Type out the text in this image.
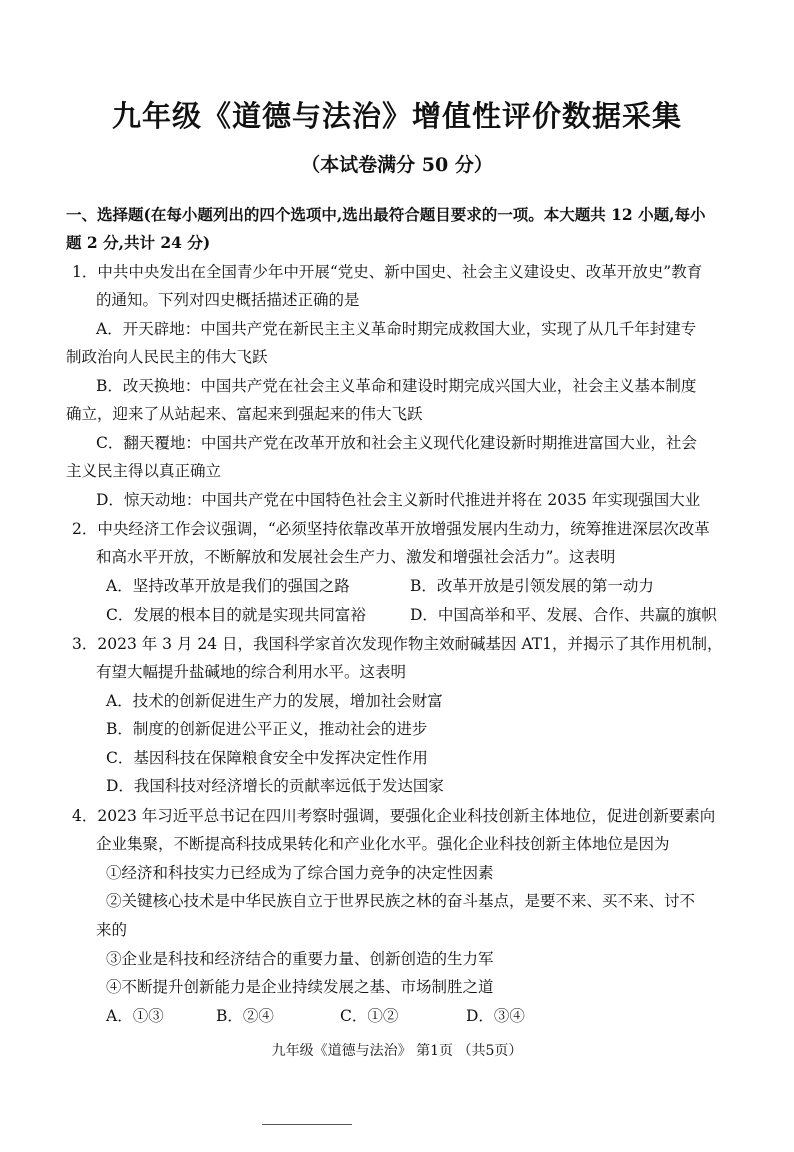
九年级《道德与法治》增值性评价数据采集
（本试卷满分 50 分）
一、选择题(在每小题列出的四个选项中,选出最符合题目要求的一项。本大题共 12 小题,每小
题 2 分,共计 24 分)
1．中共中央发出在全国青少年中开展“党史、新中国史、社会主义建设史、改革开放史”教育
的通知。下列对四史概括描述正确的是
A．开天辟地：中国共产党在新民主主义革命时期完成救国大业，实现了从几千年封建专
制政治向人民民主的伟大飞跃
B．改天换地：中国共产党在社会主义革命和建设时期完成兴国大业，社会主义基本制度
确立，迎来了从站起来、富起来到强起来的伟大飞跃
C．翻天覆地：中国共产党在改革开放和社会主义现代化建设新时期推进富国大业，社会
主义民主得以真正确立
D．惊天动地：中国共产党在中国特色社会主义新时代推进并将在 2035 年实现强国大业
2．中央经济工作会议强调，“必须坚持依靠改革开放增强发展内生动力，统筹推进深层次改革
和高水平开放，不断解放和发展社会生产力、激发和增强社会活力”。这表明
A．坚持改革开放是我们的强国之路	B．改革开放是引领发展的第一动力
C．发展的根本目的就是实现共同富裕	D．中国高举和平、发展、合作、共赢的旗帜
3．2023 年 3 月 24 日，我国科学家首次发现作物主效耐碱基因 AT1，并揭示了其作用机制，
有望大幅提升盐碱地的综合利用水平。这表明
A．技术的创新促进生产力的发展，增加社会财富
B．制度的创新促进公平正义，推动社会的进步
C．基因科技在保障粮食安全中发挥决定性作用
D．我国科技对经济增长的贡献率远低于发达国家
4．2023 年习近平总书记在四川考察时强调，要强化企业科技创新主体地位，促进创新要素向
企业集聚，不断提高科技成果转化和产业化水平。强化企业科技创新主体地位是因为
①经济和科技实力已经成为了综合国力竞争的决定性因素
②关键核心技术是中华民族自立于世界民族之林的奋斗基点，是要不来、买不来、讨不
来的
③企业是科技和经济结合的重要力量、创新创造的生力军
④不断提升创新能力是企业持续发展之基、市场制胜之道
A．①③	B．②④	C．①②	D．③④
九年级《道德与法治》 第1页 （共5页）
